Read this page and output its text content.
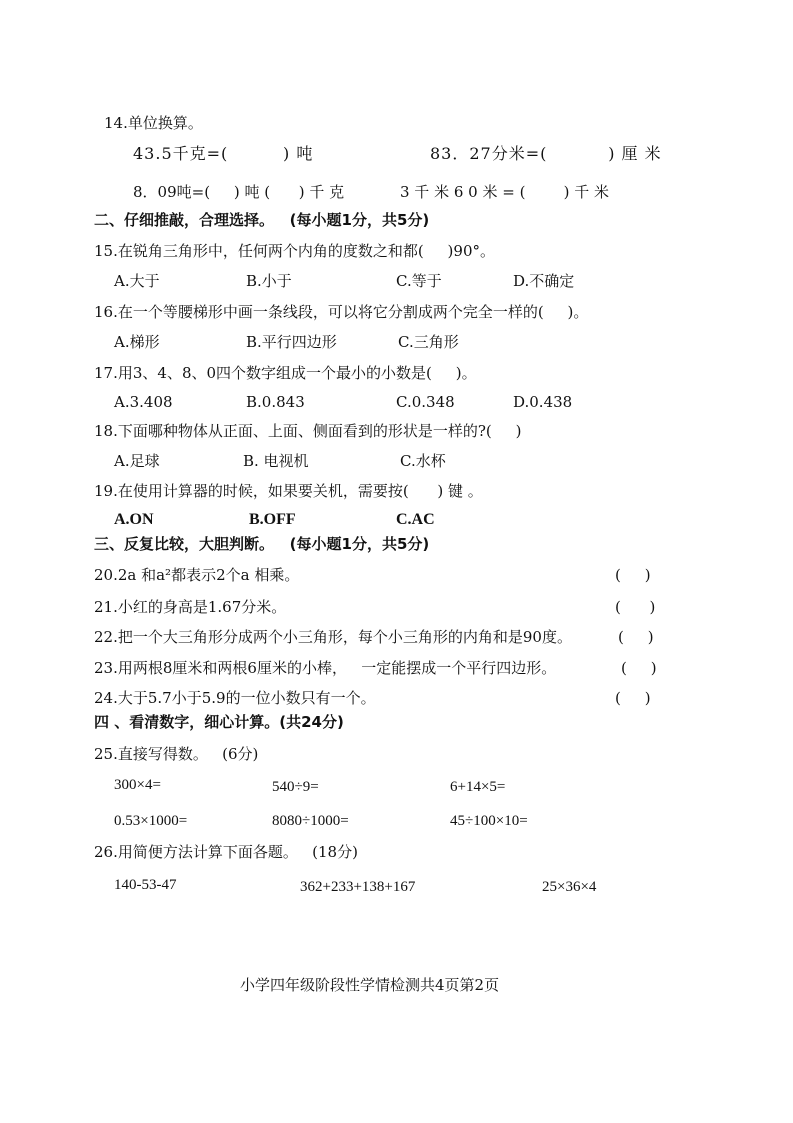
14.单位换算。
43.5千克=(         ) 吨	83．27分米=(          ) 厘 米
8．09吨=(     ) 吨 (      ) 千 克	3 千 米 6 0 米 = (        ) 千 米
二、仔细推敲，合理选择。   (每小题1分，共5分)
15.在锐角三角形中，任何两个内角的度数之和都(     )90°。
A.大于	B.小于	C.等于	D.不确定
16.在一个等腰梯形中画一条线段，可以将它分割成两个完全一样的(     )。
A.梯形	B.平行四边形	C.三角形
17.用3、4、8、0四个数字组成一个最小的小数是(     )。
A.3.408	B.0.843	C.0.348	D.0.438
18.下面哪种物体从正面、上面、侧面看到的形状是一样的?(     )
A.足球	B. 电视机	C.水杯
19.在使用计算器的时候，如果要关机，需要按(      ) 键 。
A.ON	B.OFF	C.AC
三、反复比较，大胆判断。   (每小题1分，共5分)
20.2a 和a²都表示2个a 相乘。	(     )
21.小红的身高是1.67分米。	(      )
22.把一个大三角形分成两个小三角形，每个小三角形的内角和是90度。	(     )
23.用两根8厘米和两根6厘米的小棒，   一定能摆成一个平行四边形。	(     )
24.大于5.7小于5.9的一位小数只有一个。	(     )
四 、看清数字，细心计算。(共24分)
25.直接写得数。   (6分)
300×4=	540÷9=	6+14×5=
0.53×1000=	8080÷1000=	45÷100×10=
26.用简便方法计算下面各题。   (18分)
140-53-47	362+233+138+167	25×36×4
小学四年级阶段性学情检测共4页第2页
